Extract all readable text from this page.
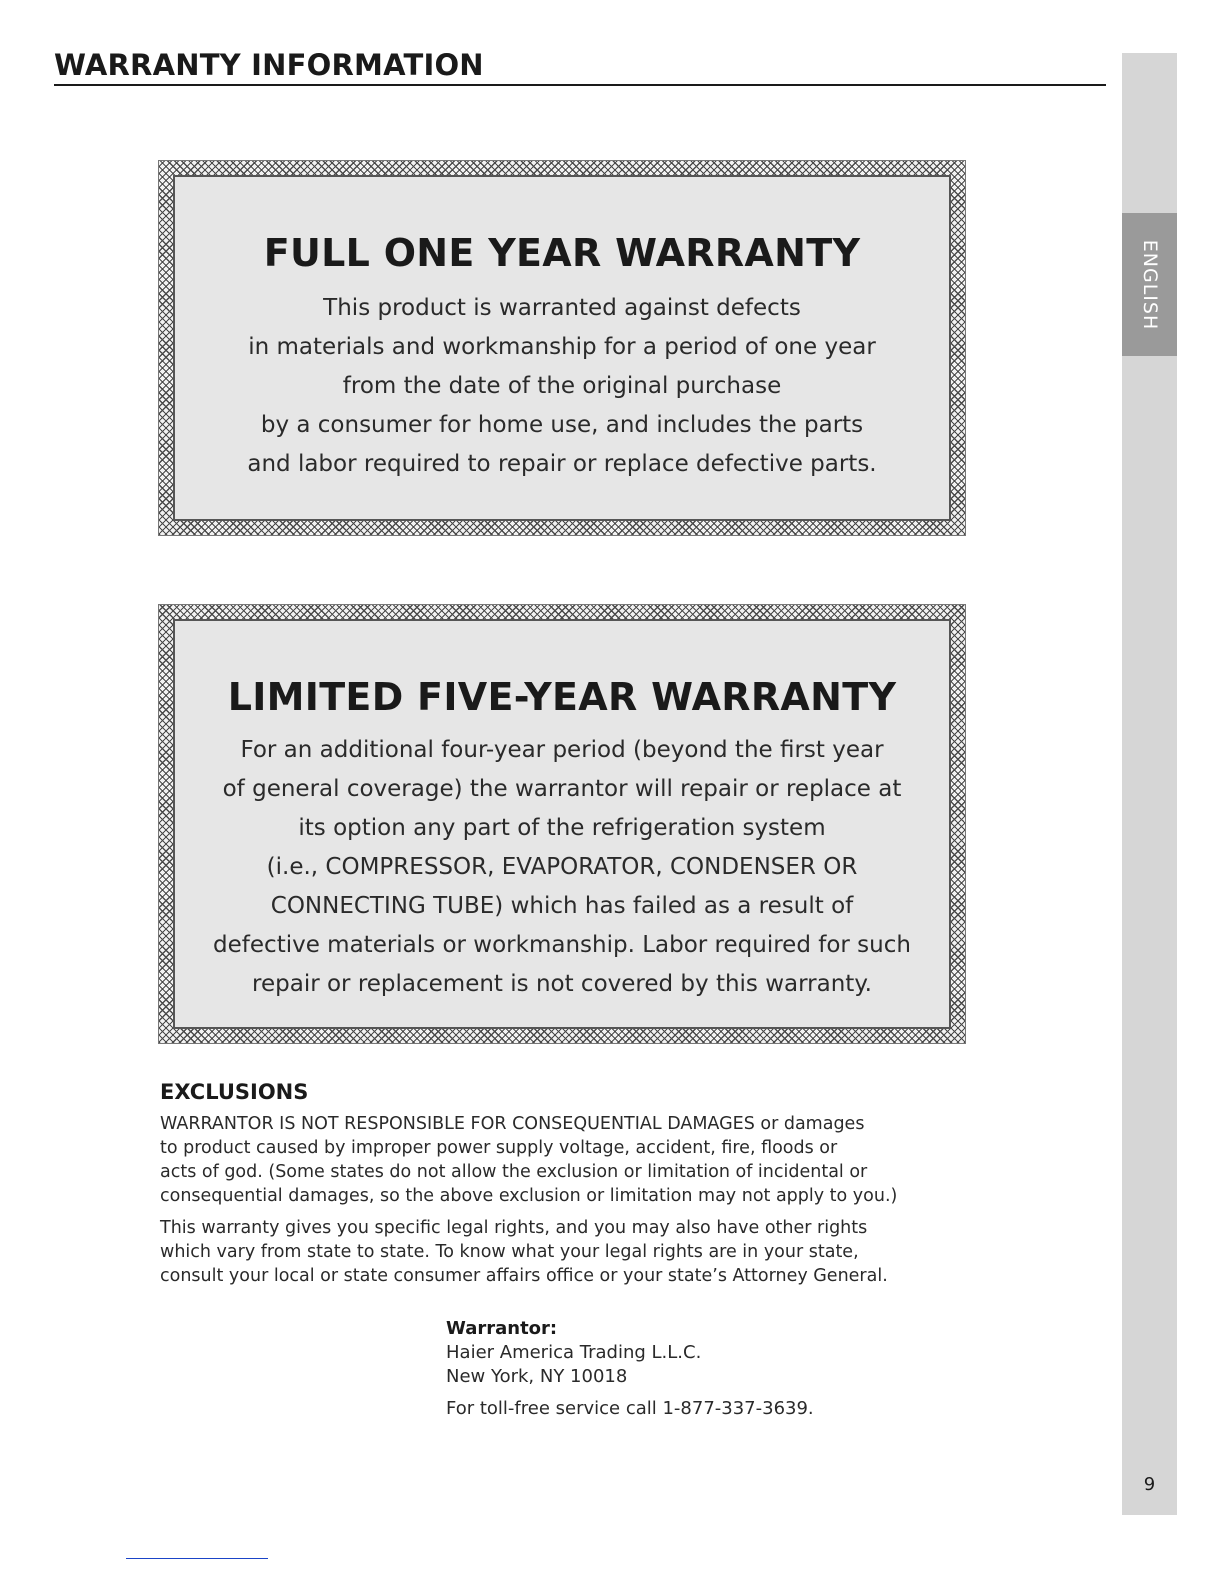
WARRANTY INFORMATION
ENGLISH
9
FULL ONE YEAR WARRANTY
This product is warranted against defects
in materials and workmanship for a period of one year
from the date of the original purchase
by a consumer for home use, and includes the parts
and labor required to repair or replace defective parts.
LIMITED FIVE-YEAR WARRANTY
For an additional four-year period (beyond the first year
of general coverage) the warrantor will repair or replace at
its option any part of the refrigeration system
(i.e., COMPRESSOR, EVAPORATOR, CONDENSER OR
CONNECTING TUBE) which has failed as a result of
defective materials or workmanship. Labor required for such
repair or replacement is not covered by this warranty.
EXCLUSIONS
WARRANTOR IS NOT RESPONSIBLE FOR CONSEQUENTIAL DAMAGES or damages
to product caused by improper power supply voltage, accident, fire, floods or
acts of god. (Some states do not allow the exclusion or limitation of incidental or
consequential damages, so the above exclusion or limitation may not apply to you.)
This warranty gives you specific legal rights, and you may also have other rights
which vary from state to state. To know what your legal rights are in your state,
consult your local or state consumer affairs office or your state’s Attorney General.
Warrantor:
Haier America Trading L.L.C.
New York, NY 10018
For toll-free service call 1-877-337-3639.
